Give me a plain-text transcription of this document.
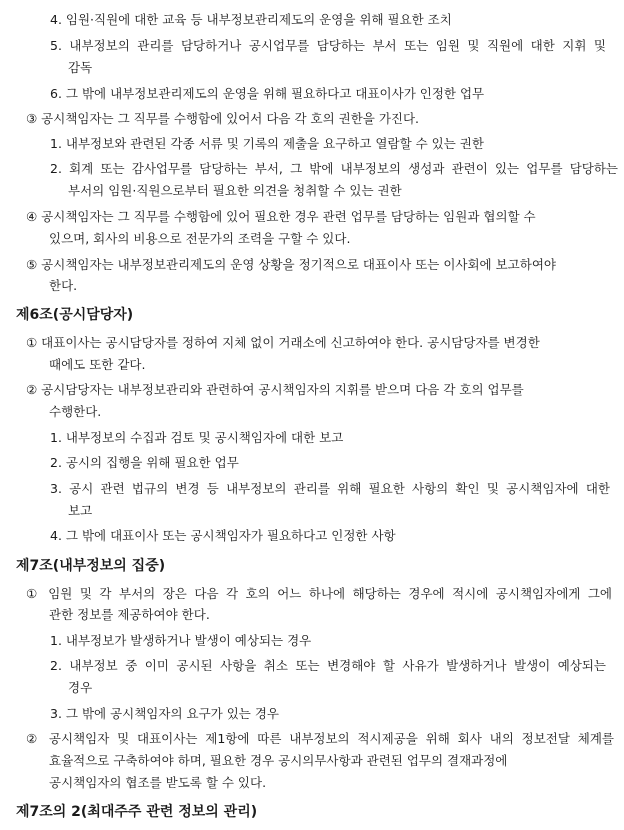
4. 임원·직원에 대한 교육 등 내부정보관리제도의 운영을 위해 필요한 조치
5. 내부정보의 관리를 담당하거나 공시업무를 담당하는 부서 또는 임원 및 직원에 대한 지휘 및
감독
6. 그 밖에 내부정보관리제도의 운영을 위해 필요하다고 대표이사가 인정한 업무
③ 공시책임자는 그 직무를 수행함에 있어서 다음 각 호의 권한을 가진다.
1. 내부정보와 관련된 각종 서류 및 기록의 제출을 요구하고 열람할 수 있는 권한
2. 회계 또는 감사업무를 담당하는 부서, 그 밖에 내부정보의 생성과 관련이 있는 업무를 담당하는
부서의 임원·직원으로부터 필요한 의견을 청취할 수 있는 권한
④ 공시책임자는 그 직무를 수행함에 있어 필요한 경우 관련 업무를 담당하는 임원과 협의할 수
있으며, 회사의 비용으로 전문가의 조력을 구할 수 있다.
⑤ 공시책임자는 내부정보관리제도의 운영 상황을 정기적으로 대표이사 또는 이사회에 보고하여야
한다.
제6조(공시담당자)
① 대표이사는 공시담당자를 정하여 지체 없이 거래소에 신고하여야 한다. 공시담당자를 변경한
때에도 또한 같다.
② 공시담당자는 내부정보관리와 관련하여 공시책임자의 지휘를 받으며 다음 각 호의 업무를
수행한다.
1. 내부정보의 수집과 검토 및 공시책임자에 대한 보고
2. 공시의 집행을 위해 필요한 업무
3. 공시 관련 법규의 변경 등 내부정보의 관리를 위해 필요한 사항의 확인 및 공시책임자에 대한
보고
4. 그 밖에 대표이사 또는 공시책임자가 필요하다고 인정한 사항
제7조(내부정보의 집중)
① 임원 및 각 부서의 장은 다음 각 호의 어느 하나에 해당하는 경우에 적시에 공시책임자에게 그에
관한 정보를 제공하여야 한다.
1. 내부정보가 발생하거나 발생이 예상되는 경우
2. 내부정보 중 이미 공시된 사항을 취소 또는 변경해야 할 사유가 발생하거나 발생이 예상되는
경우
3. 그 밖에 공시책임자의 요구가 있는 경우
② 공시책임자 및 대표이사는 제1항에 따른 내부정보의 적시제공을 위해 회사 내의 정보전달 체계를
효율적으로 구축하여야 하며, 필요한 경우 공시의무사항과 관련된 업무의 결재과정에
공시책임자의 협조를 받도록 할 수 있다.
제7조의 2(최대주주 관련 정보의 관리)
